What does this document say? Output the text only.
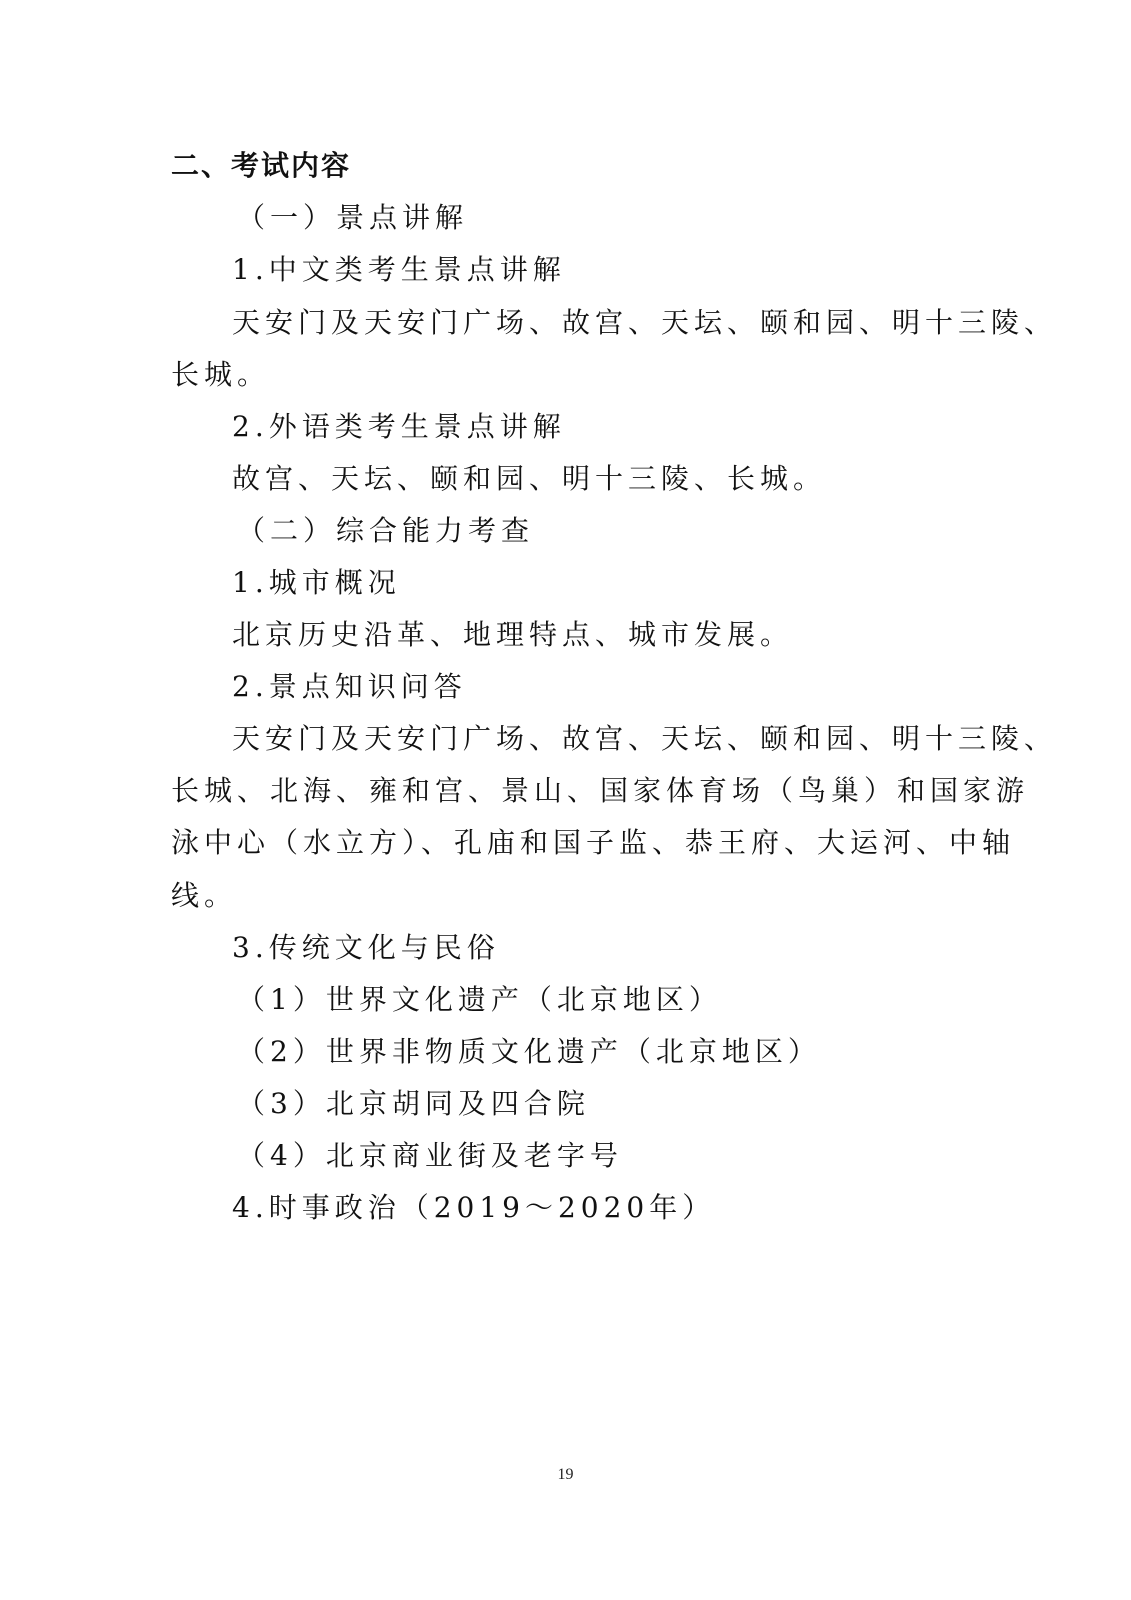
二、考试内容
（一）景点讲解
1.中文类考生景点讲解
天安门及天安门广场、故宫、天坛、颐和园、明十三陵、
长城。
2.外语类考生景点讲解
故宫、天坛、颐和园、明十三陵、长城。
（二）综合能力考查
1.城市概况
北京历史沿革、地理特点、城市发展。
2.景点知识问答
天安门及天安门广场、故宫、天坛、颐和园、明十三陵、
长城、北海、雍和宫、景山、国家体育场（鸟巢）和国家游
泳中心（水立方）、孔庙和国子监、恭王府、大运河、中轴
线。
3.传统文化与民俗
（1）世界文化遗产（北京地区）
（2）世界非物质文化遗产（北京地区）
（3）北京胡同及四合院
（4）北京商业街及老字号
4.时事政治（2019～2020年）
19
